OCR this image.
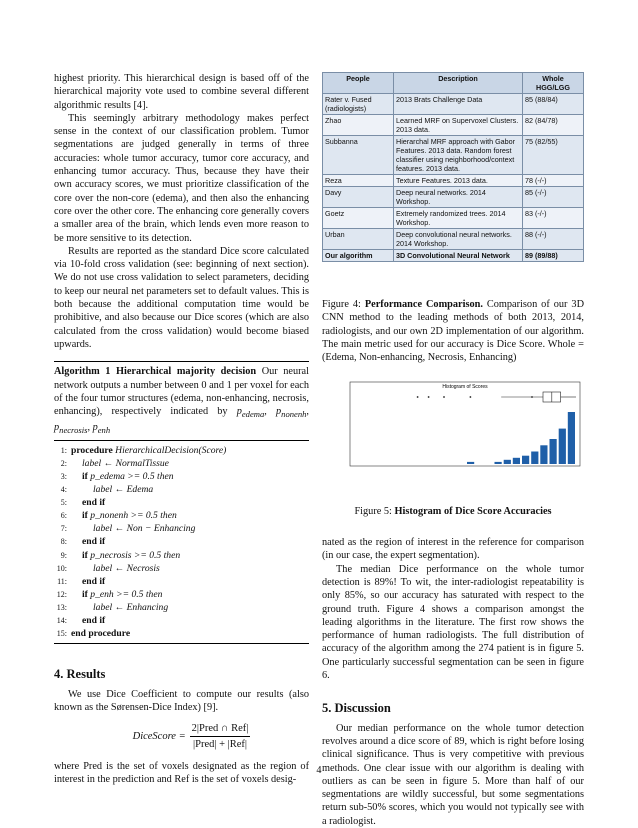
highest priority. This hierarchical design is based off of the hierarchical majority vote used to combine several different algorithmic results [4].

This seemingly arbitrary methodology makes perfect sense in the context of our classification problem. Tumor segmentations are judged generally in terms of three accuracies: whole tumor accuracy, tumor core accuracy, and enhancing tumor accuracy. Thus, because they have their own accuracy scores, we must prioritize classification of the core over the non-core (edema), and then also the enhancing core over the other core. The enhancing core generally covers a smaller area of the brain, which lends even more reason to be more sensitive to its detection.

Results are reported as the standard Dice score calculated via 10-fold cross validation (see: beginning of next section). We do not use cross validation to select parameters, deciding to keep our neural net parameters set to default values. This is both because the additional computation time would be prohibitive, and also because our Dice scores (which are also calculated from the cross validation) would become biased upwards.

Algorithm 1 Hierarchical majority decision Our neural network outputs a number between 0 and 1 per voxel for each of the four tumor structures (edema, non-enhancing, necrosis, enhancing), respectively indicated by $p_{edema}$, $p_{nonenh}$, $p_{necrosis}$, $p_{enh}$
1: procedure HierarchicalDecision(Score)
2: label ← NormalTissue
3: if p_edema >= 0.5 then
4:	label ← Edema
5: end if
6: if p_nonenh >= 0.5 then
7:	label ← Non − Enhancing
8: end if
9: if p_necrosis >= 0.5 then
10:	label ← Necrosis
11: end if
12: if p_enh >= 0.5 then
13:	label ← Enhancing
14: end if
15: end procedure
4. Results

We use Dice Coefficient to compute our results (also known as the Sørensen-Dice Index) [9].

DiceScore = $\frac{\text{2|Pred ∩ Ref|}}{\text{|Pred| + |Ref|}}$

where Pred is the set of voxels designated as the region of interest in the prediction and Ref is the set of voxels desig-

People	Description	Whole HGG/LGG
Rater v. Fused (radiologists)	2013 Brats Challenge Data	85 (88/84)
Zhao	Learned MRF on Supervoxel Clusters. 2013 data.	82 (84/78)
Subbanna	Hierarchal MRF approach with Gabor Features. 2013 data. Random forest classifier using neighborhood/context features. 2013 data.	75 (82/55)
Reza	Texture Features. 2013 data.	78 (-/-)
Davy	Deep neural networks. 2014 Workshop.	85 (-/-)
Goetz	Extremely randomized trees. 2014 Workshop.	83 (-/-)
Urban	Deep convolutional neural networks. 2014 Workshop.	88 (-/-)
Our algorithm	3D Convolutional Neural Network	89 (89/88)

Figure 4: Performance Comparison. Comparison of our 3D CNN method to the leading methods of both 2013, 2014, radiologists, and our own 2D implementation of our algorithm. The main metric used for our accuracy is Dice Score. Whole = (Edema, Non-enhancing, Necrosis, Enhancing)

Histogram of Scores

Figure 5: Histogram of Dice Score Accuracies

nated as the region of interest in the reference for comparison (in our case, the expert segmentation).

The median Dice performance on the whole tumor detection is 89%! To wit, the inter-radiologist repeatability is only 85%, so our accuracy has saturated with respect to the ground truth. Figure 4 shows a comparison amongst the leading algorithms in the literature. The first row shows the performance of human radiologists. The full distribution of accuracy of the algorithm among the 274 patient is in figure 5. One particularly successful segmentation can be seen in figure 6.

5. Discussion

Our median performance on the whole tumor detection revolves around a dice score of 89, which is right before losing clinical significance. Thus is very competitive with previous methods. One clear issue with our algorithm is dealing with outliers as can be seen in figure 5. More than half of our segmentations are wildly successful, but some segmentations return sub-50% scores, which you would not typically see with a radiologist.

4
